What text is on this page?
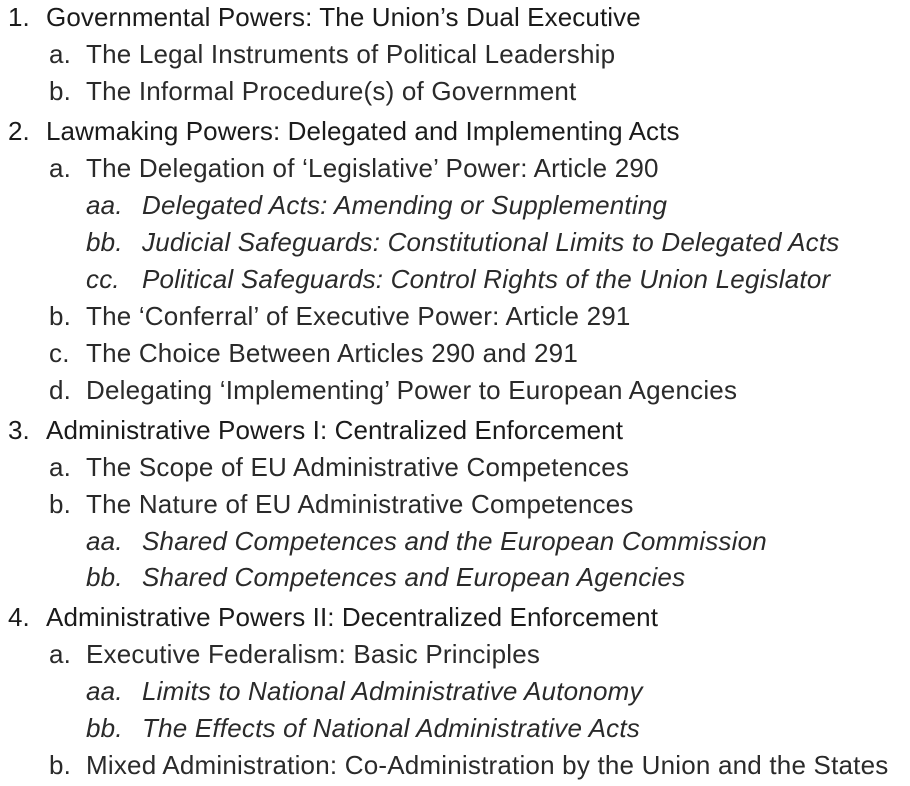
1. Governmental Powers: The Union’s Dual Executive
a. The Legal Instruments of Political Leadership
b. The Informal Procedure(s) of Government
2. Lawmaking Powers: Delegated and Implementing Acts
a. The Delegation of ‘Legislative’ Power: Article 290
aa. Delegated Acts: Amending or Supplementing
bb. Judicial Safeguards: Constitutional Limits to Delegated Acts
cc. Political Safeguards: Control Rights of the Union Legislator
b. The ‘Conferral’ of Executive Power: Article 291
c. The Choice Between Articles 290 and 291
d. Delegating ‘Implementing’ Power to European Agencies
3. Administrative Powers I: Centralized Enforcement
a. The Scope of EU Administrative Competences
b. The Nature of EU Administrative Competences
aa. Shared Competences and the European Commission
bb. Shared Competences and European Agencies
4. Administrative Powers II: Decentralized Enforcement
a. Executive Federalism: Basic Principles
aa. Limits to National Administrative Autonomy
bb. The Effects of National Administrative Acts
b. Mixed Administration: Co-Administration by the Union and the States
